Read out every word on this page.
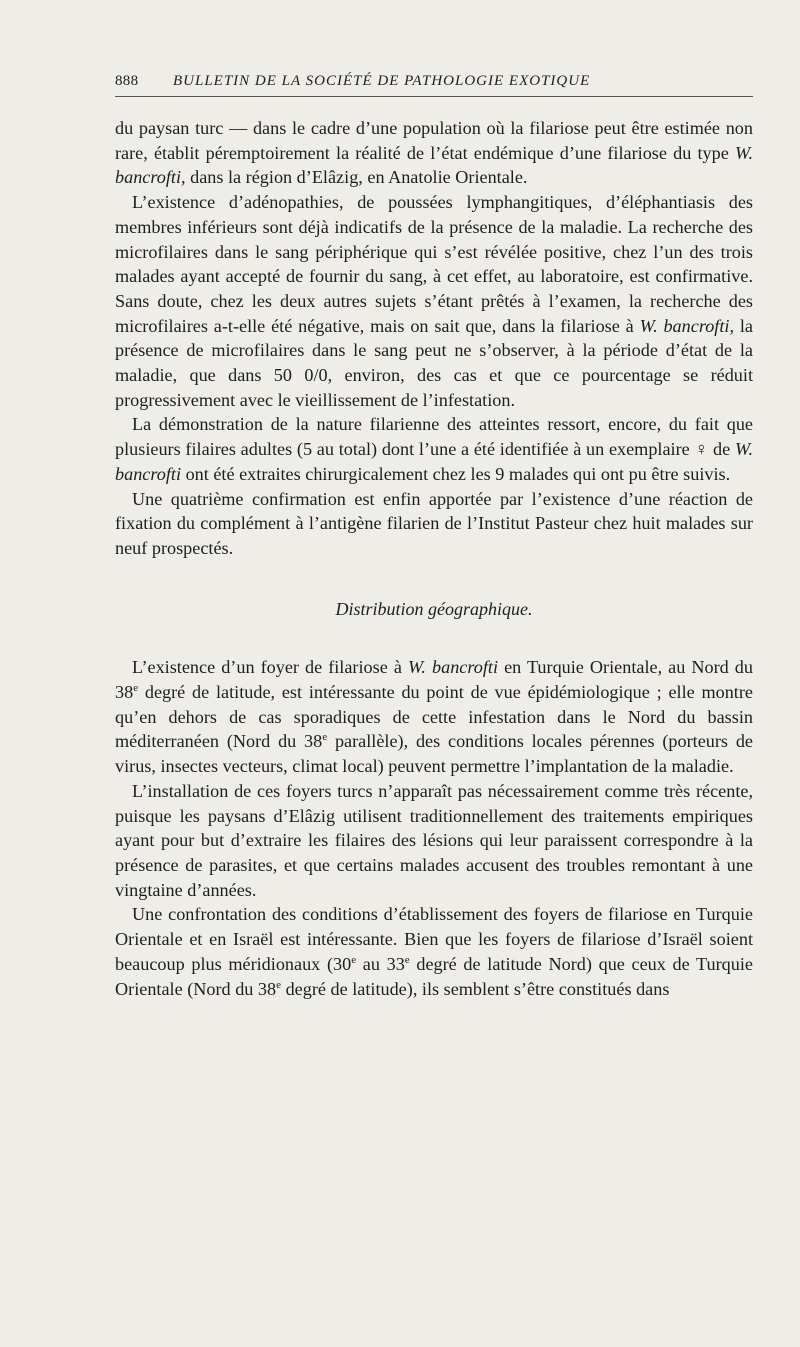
888 BULLETIN DE LA SOCIÉTÉ DE PATHOLOGIE EXOTIQUE

du paysan turc — dans le cadre d’une population où la filariose peut être estimée non rare, établit péremptoirement la réalité de l’état endémique d’une filariose du type W. bancrofti, dans la région d’Elâzig, en Anatolie Orientale.

L’existence d’adénopathies, de poussées lymphangitiques, d’éléphantiasis des membres inférieurs sont déjà indicatifs de la présence de la maladie. La recherche des microfilaires dans le sang périphérique qui s’est révélée positive, chez l’un des trois malades ayant accepté de fournir du sang, à cet effet, au laboratoire, est confirmative. Sans doute, chez les deux autres sujets s’étant prêtés à l’examen, la recherche des microfilaires a-t-elle été négative, mais on sait que, dans la filariose à W. bancrofti, la présence de microfilaires dans le sang peut ne s’observer, à la période d’état de la maladie, que dans 50 0/0, environ, des cas et que ce pourcentage se réduit progressivement avec le vieillissement de l’infestation.

La démonstration de la nature filarienne des atteintes ressort, encore, du fait que plusieurs filaires adultes (5 au total) dont l’une a été identifiée à un exemplaire ♀ de W. bancrofti ont été extraites chirurgicalement chez les 9 malades qui ont pu être suivis.

Une quatrième confirmation est enfin apportée par l’existence d’une réaction de fixation du complément à l’antigène filarien de l’Institut Pasteur chez huit malades sur neuf prospectés.

Distribution géographique.

L’existence d’un foyer de filariose à W. bancrofti en Turquie Orientale, au Nord du 38e degré de latitude, est intéressante du point de vue épidémiologique ; elle montre qu’en dehors de cas sporadiques de cette infestation dans le Nord du bassin méditerranéen (Nord du 38e parallèle), des conditions locales pérennes (porteurs de virus, insectes vecteurs, climat local) peuvent permettre l’implantation de la maladie.

L’installation de ces foyers turcs n’apparaît pas nécessairement comme très récente, puisque les paysans d’Elâzig utilisent traditionnellement des traitements empiriques ayant pour but d’extraire les filaires des lésions qui leur paraissent correspondre à la présence de parasites, et que certains malades accusent des troubles remontant à une vingtaine d’années.

Une confrontation des conditions d’établissement des foyers de filariose en Turquie Orientale et en Israël est intéressante. Bien que les foyers de filariose d’Israël soient beaucoup plus méridionaux (30e au 33e degré de latitude Nord) que ceux de Turquie Orientale (Nord du 38e degré de latitude), ils semblent s’être constitués dans
